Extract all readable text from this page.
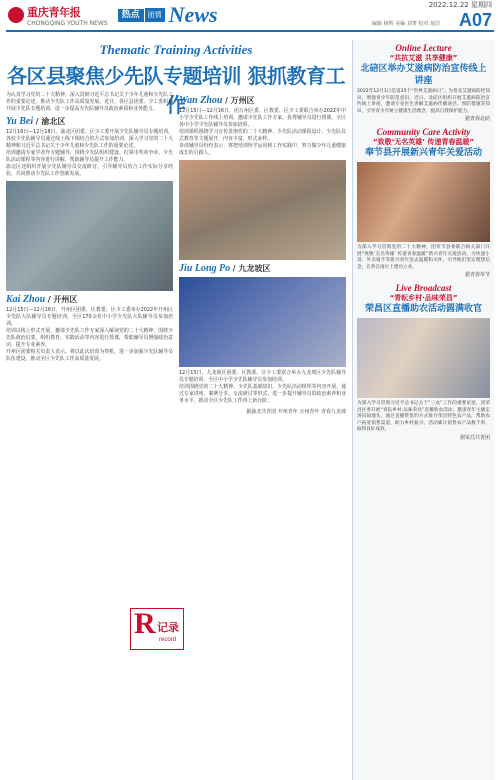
重庆青年报
CHONGQING YOUTH NEWS
热点	团情 News	2022.12.22 星期四
A07
编辑 杨辉 美编 刘菁 校对 胡洁
Thematic Training Activities
各区县聚焦少先队专题培训 狠抓教育工作

为认真学习党的二十大精神，深入贯彻习近平总书记关于少年儿童和少先队工作的重要论述，推动少先队工作高质量发展，近日，各区县团委、少工委积极开展少先队专题培训，进一步提高少先队辅导员政治素质和业务能力。

Yu Bei / 渝北区

12月16日—12月18日，渝北区团委、区少工委开展少先队辅导员专题培训，各校少先队辅导员通过线上线下相结合的方式参加培训，深入学习党的二十大精神和习近平总书记关于少年儿童和少先队工作的重要论述。

培训邀请专家学者作专题辅导，围绕少先队组织建设、红领巾奖章争章、少先队活动课程等内容进行讲解，帮助辅导员提升工作能力。

渝北区还组织开展少先队辅导员交流研讨，引导辅导员结合工作实际分享经验，共同推动少先队工作创新发展。

Kai Zhou / 开州区

12月15日—12月16日，开州区团委、区教委、区少工委举办2022年开州区少先队大队辅导员专题培训，全区170余名中小学少先队大队辅导员参加培训。

培训以线上形式开展，邀请少先队工作专家深入解读党的二十大精神，围绕少先队政治启蒙、组织教育、实践活动等内容进行授课，帮助辅导员增强政治意识，提升专业素养。

开州区团委相关负责人表示，将以此次培训为契机，进一步加强少先队辅导员队伍建设，推动全区少先队工作高质量发展。

Wan Zhou / 万州区

12月15日—12月16日，团万州区委、区教委、区少工委联合举办2022年中小学少先队工作线上培训，邀请少先队工作专家、优秀辅导员进行授课，全区各中小学少先队辅导员参加培训。

培训课程围绕学习宣传贯彻党的二十大精神、少先队活动课程设计、少先队仪式教育等主题展开，内容丰富、形式多样。

参训辅导员纷纷表示，将把培训所学运用到工作实践中，努力做少年儿童健康成长的引路人。

Jiu Long Po / 九龙坡区

12月15日，九龙坡区团委、区教委、区少工委联合举办九龙坡区少先队辅导员专题培训，全区中小学少先队辅导员参加培训。

培训围绕党的二十大精神、少先队基础知识、少先队活动组织等内容开展，通过专家讲座、案例分享、交流研讨等形式，进一步提升辅导员的政治素养和业务水平，推动全区少先队工作再上新台阶。

据渝北共青团 开州青年 万州青年 青春九龙坡
R 记录
record
Online Lecture
“共抗艾滋 共享健康”
北碚区举办艾滋病防治宣传线上讲座

2022年12月1日是第35个“世界艾滋病日”。为普及艾滋病防控知识，增强青少年防范意识，近日，北碚区组织开展艾滋病防治宣传线上讲座，邀请专业医生讲解艾滋病传播途径、预防措施等知识，引导青少年树立健康生活理念，提高自我保护能力。

据青春北碚
Community Care Activity
“致敬‘无名英雄’ 传递青春温暖”
奉节县开展新兴青年关爱活动

为深入学习贯彻党的二十大精神，团奉节县委联合相关部门开展“致敬‘无名英雄’ 传递青春温暖”新兴青年关爱活动，为快递小哥、外卖骑手等新兴青年送去温暖和关怀，引导他们坚定理想信念，在各自岗位上建功立业。

据青春奉节
Live Broadcast
“青耘乡村·品味荣昌”
荣昌区直播助农活动圆满收官

为深入学习贯彻习近平总书记关于“三农”工作的重要论述，团荣昌区委开展“青耘乡村·品味荣昌”直播助农活动，邀请青年主播走进田间地头，通过直播带货的方式推介荣昌特色农产品，帮助农户拓宽销售渠道，助力乡村振兴。活动累计销售农产品数千单，取得良好成效。

据荣昌共青团
